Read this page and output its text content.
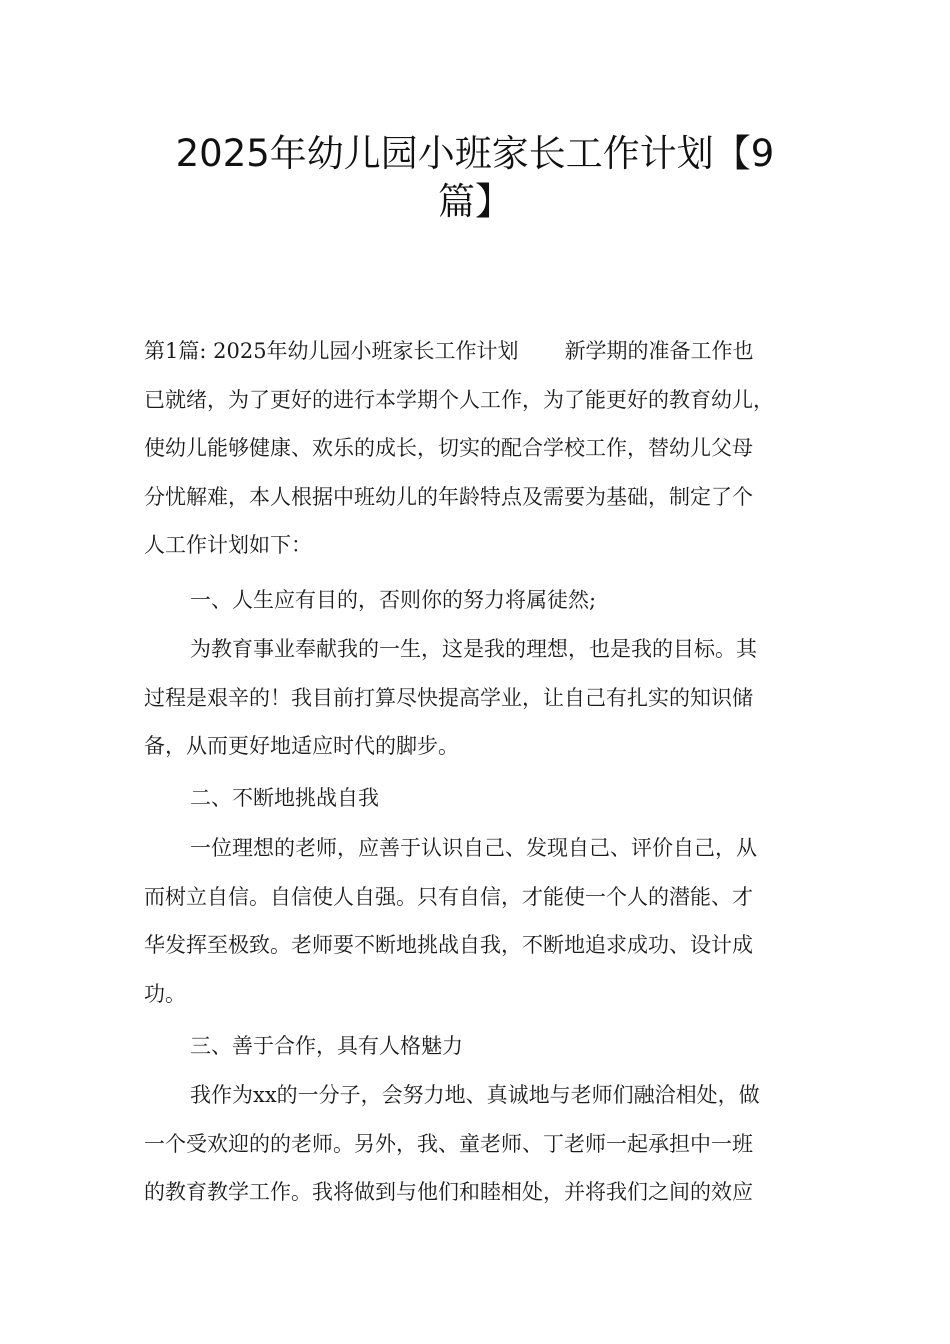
2025年幼儿园小班家长工作计划【9
篇】
第1篇: 2025年幼儿园小班家长工作计划 新学期的准备工作也
已就绪，为了更好的进行本学期个人工作，为了能更好的教育幼儿，
使幼儿能够健康、欢乐的成长，切实的配合学校工作，替幼儿父母
分忧解难，本人根据中班幼儿的年龄特点及需要为基础，制定了个
人工作计划如下：
一、人生应有目的，否则你的努力将属徒然;
为教育事业奉献我的一生，这是我的理想，也是我的目标。其
过程是艰辛的！我目前打算尽快提高学业，让自己有扎实的知识储
备，从而更好地适应时代的脚步。
二、不断地挑战自我
一位理想的老师，应善于认识自己、发现自己、评价自己，从
而树立自信。自信使人自强。只有自信，才能使一个人的潜能、才
华发挥至极致。老师要不断地挑战自我，不断地追求成功、设计成
功。
三、善于合作，具有人格魅力
我作为xx的一分子，会努力地、真诚地与老师们融洽相处，做
一个受欢迎的的老师。另外，我、童老师、丁老师一起承担中一班
的教育教学工作。我将做到与他们和睦相处，并将我们之间的效应
